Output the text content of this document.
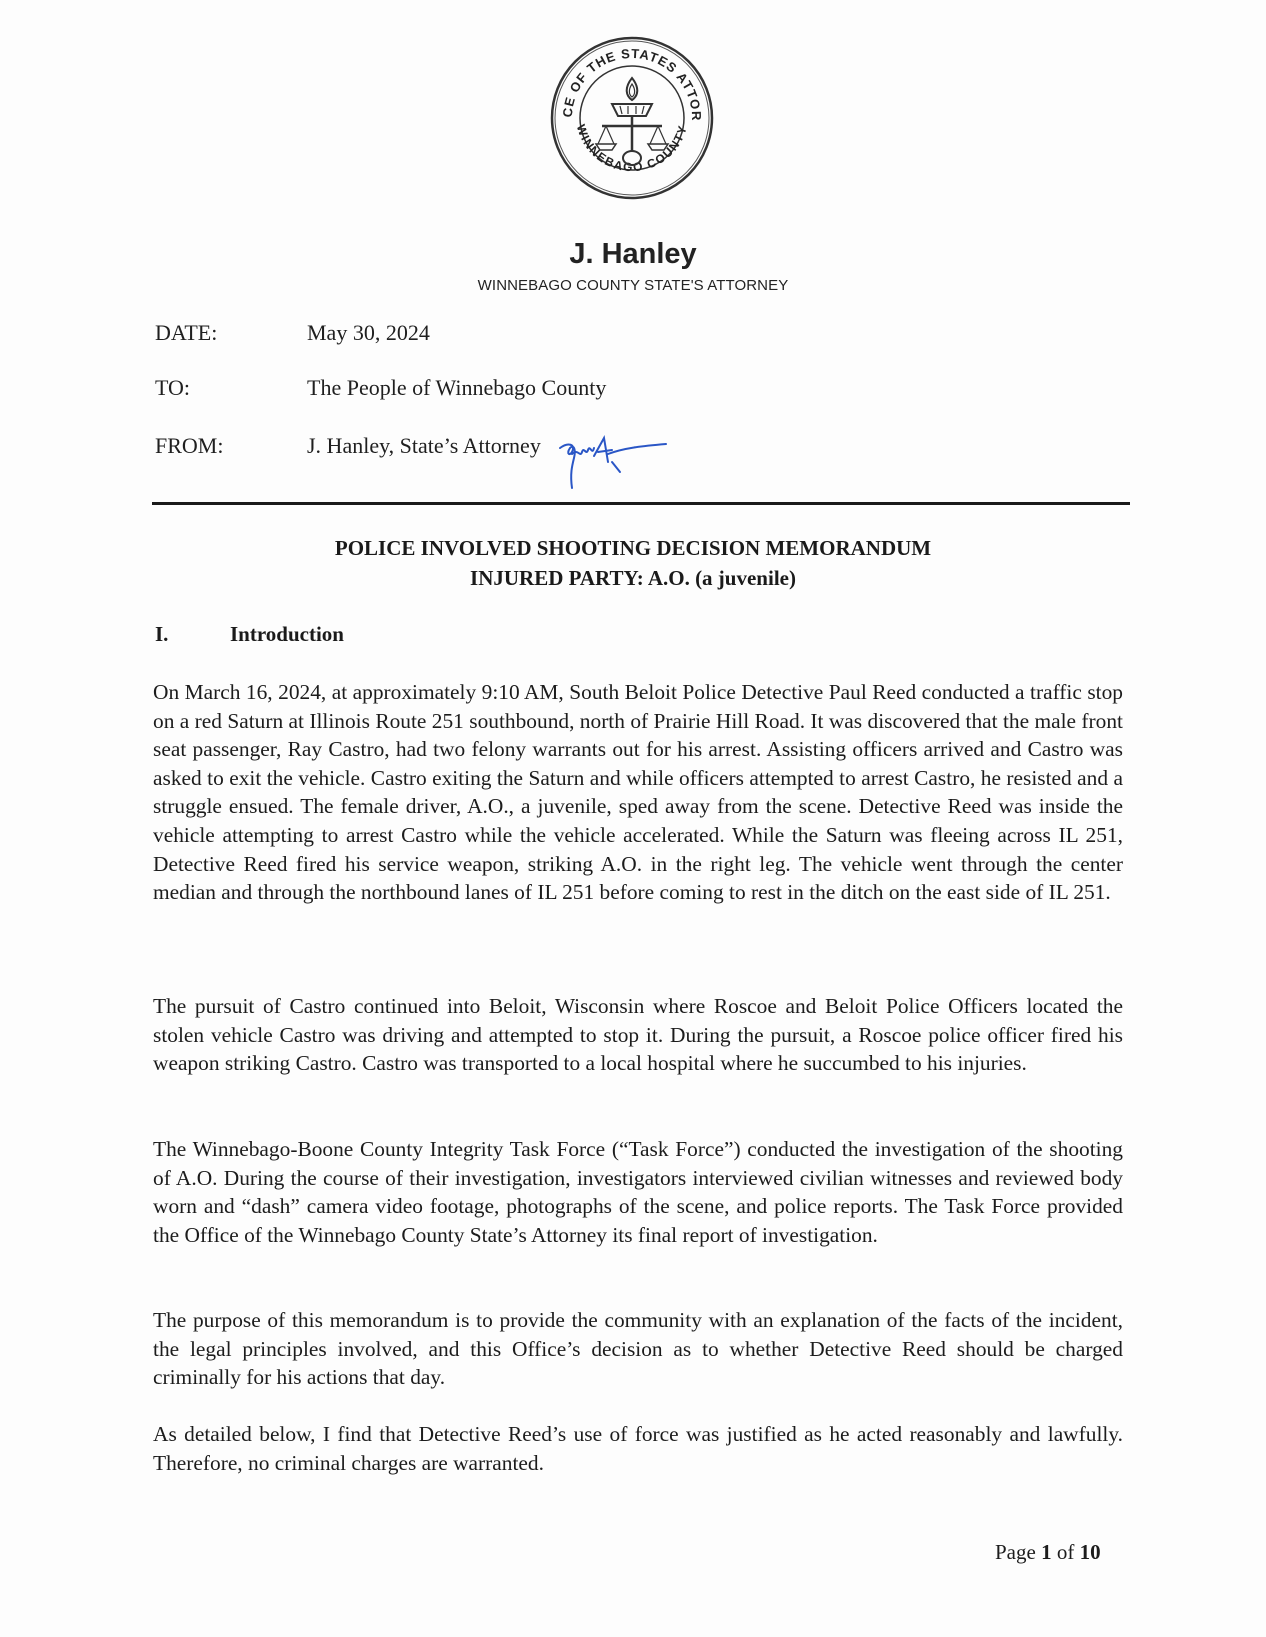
CE OF THE STATES ATTOR
WINNEBAGO COUNTY
J. Hanley
WINNEBAGO COUNTY STATE'S ATTORNEY
DATE:	May 30, 2024
TO:	The People of Winnebago County
FROM:	J. Hanley, State’s Attorney
POLICE INVOLVED SHOOTING DECISION MEMORANDUM
INJURED PARTY: A.O. (a juvenile)
I.	Introduction

On March 16, 2024, at approximately 9:10 AM, South Beloit Police Detective Paul Reed conducted a traffic stop on a red Saturn at Illinois Route 251 southbound, north of Prairie Hill Road. It was discovered that the male front seat passenger, Ray Castro, had two felony warrants out for his arrest. Assisting officers arrived and Castro was asked to exit the vehicle. Castro exiting the Saturn and while officers attempted to arrest Castro, he resisted and a struggle ensued. The female driver, A.O., a juvenile, sped away from the scene. Detective Reed was inside the vehicle attempting to arrest Castro while the vehicle accelerated. While the Saturn was fleeing across IL 251, Detective Reed fired his service weapon, striking A.O. in the right leg. The vehicle went through the center median and through the northbound lanes of IL 251 before coming to rest in the ditch on the east side of IL 251.

The pursuit of Castro continued into Beloit, Wisconsin where Roscoe and Beloit Police Officers located the stolen vehicle Castro was driving and attempted to stop it. During the pursuit, a Roscoe police officer fired his weapon striking Castro. Castro was transported to a local hospital where he succumbed to his injuries.

The Winnebago-Boone County Integrity Task Force (“Task Force”) conducted the investigation of the shooting of A.O. During the course of their investigation, investigators interviewed civilian witnesses and reviewed body worn and “dash” camera video footage, photographs of the scene, and police reports. The Task Force provided the Office of the Winnebago County State’s Attorney its final report of investigation.

The purpose of this memorandum is to provide the community with an explanation of the facts of the incident, the legal principles involved, and this Office’s decision as to whether Detective Reed should be charged criminally for his actions that day.

As detailed below, I find that Detective Reed’s use of force was justified as he acted reasonably and lawfully. Therefore, no criminal charges are warranted.

Page 1 of 10
